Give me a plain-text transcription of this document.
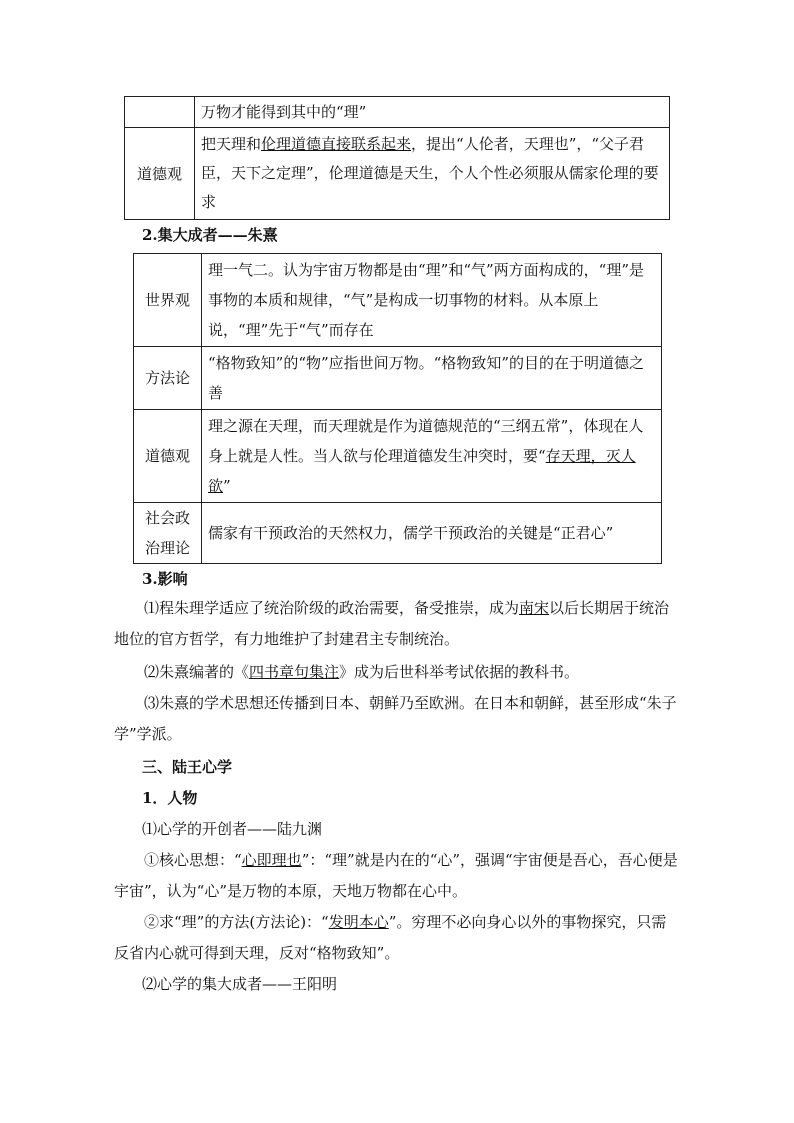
	万物才能得到其中的“理”
道德观	把天理和伦理道德直接联系起来，提出“人伦者，天理也”，“父子君臣，天下之定理”，伦理道德是天生，个人个性必须服从儒家伦理的要求
2.集大成者——朱熹
世界观	理一气二。认为宇宙万物都是由“理”和“气”两方面构成的，“理”是事物的本质和规律，“气”是构成一切事物的材料。从本原上说，“理”先于“气”而存在
方法论	“格物致知”的“物”应指世间万物。“格物致知”的目的在于明道德之善
道德观	理之源在天理，而天理就是作为道德规范的“三纲五常”，体现在人身上就是人性。当人欲与伦理道德发生冲突时，要“存天理，灭人欲”
社会政治理论	儒家有干预政治的天然权力，儒学干预政治的关键是“正君心”
3.影响
⑴程朱理学适应了统治阶级的政治需要，备受推崇，成为南宋以后长期居于统治地位的官方哲学，有力地维护了封建君主专制统治。
⑵朱熹编著的《四书章句集注》成为后世科举考试依据的教科书。
⑶朱熹的学术思想还传播到日本、朝鲜乃至欧洲。在日本和朝鲜，甚至形成“朱子学”学派。
三、陆王心学
1．人物
⑴心学的开创者——陆九渊
①核心思想：“心即理也”：“理”就是内在的“心”，强调“宇宙便是吾心，吾心便是宇宙”，认为“心”是万物的本原，天地万物都在心中。
②求“理”的方法(方法论)：“发明本心”。穷理不必向身心以外的事物探究，只需反省内心就可得到天理，反对“格物致知”。
⑵心学的集大成者——王阳明
